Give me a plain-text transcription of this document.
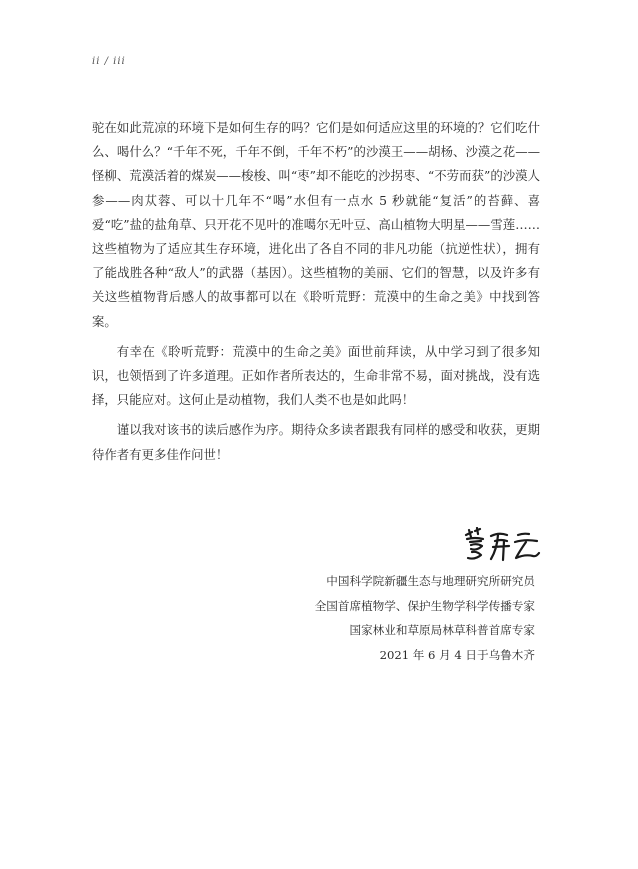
ii / iii

驼在如此荒凉的环境下是如何生存的吗？它们是如何适应这里的环境的？它们吃什么、喝什么？“千年不死，千年不倒，千年不朽”的沙漠王——胡杨、沙漠之花——怪柳、荒漠活着的煤炭——梭梭、叫“枣”却不能吃的沙拐枣、“不劳而获”的沙漠人参——肉苁蓉、可以十几年不“喝”水但有一点水 5 秒就能“复活”的苔藓、喜爱“吃”盐的盐角草、只开花不见叶的准噶尔无叶豆、高山植物大明星——雪莲……这些植物为了适应其生存环境，进化出了各自不同的非凡功能（抗逆性状），拥有了能战胜各种“敌人”的武器（基因）。这些植物的美丽、它们的智慧，以及许多有关这些植物背后感人的故事都可以在《聆听荒野：荒漠中的生命之美》中找到答案。

有幸在《聆听荒野：荒漠中的生命之美》面世前拜读，从中学习到了很多知识，也领悟到了许多道理。正如作者所表达的，生命非常不易，面对挑战，没有选择，只能应对。这何止是动植物，我们人类不也是如此吗！

谨以我对该书的读后感作为序。期待众多读者跟我有同样的感受和收获，更期待作者有更多佳作问世！

中国科学院新疆生态与地理研究所研究员
全国首席植物学、保护生物学科学传播专家
国家林业和草原局林草科普首席专家
2021 年 6 月 4 日于乌鲁木齐
